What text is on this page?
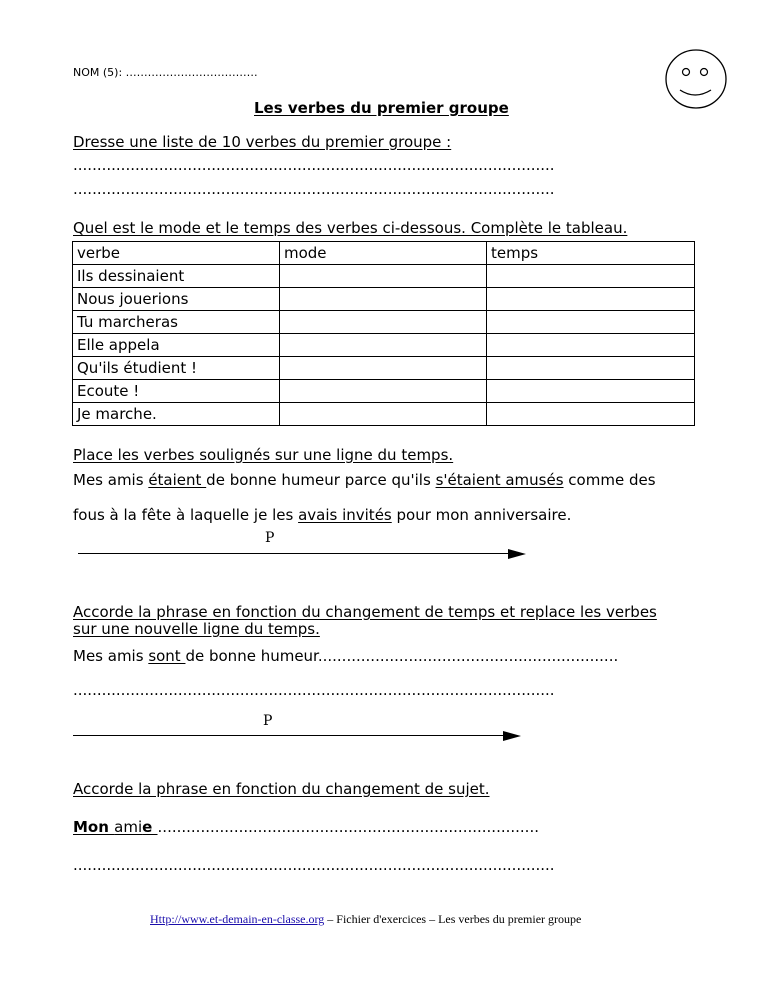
NOM (5): ………………………………
Les verbes du premier groupe
Dresse une liste de 10 verbes du premier groupe :
.....................................................................................................
.....................................................................................................
Quel est le mode et le temps des verbes ci-dessous. Complète le tableau.
verbe	mode	temps
Ils dessinaient		
Nous jouerions		
Tu marcheras		
Elle appela		
Qu'ils étudient !		
Ecoute !		
Je marche.		
Place les verbes soulignés sur une ligne du temps.
Mes amis étaient de bonne humeur parce qu'ils s'étaient amusés comme des
fous à la fête à laquelle je les avais invités pour mon anniversaire.
P
Accorde la phrase en fonction du changement de temps et replace les verbes
sur une nouvelle ligne du temps.
Mes amis sont de bonne humeur...............................................................
.....................................................................................................
P
Accorde la phrase en fonction du changement de sujet.
Mon amie ................................................................................
.....................................................................................................
Http://www.et-demain-en-classe.org – Fichier d'exercices – Les verbes du premier groupe
